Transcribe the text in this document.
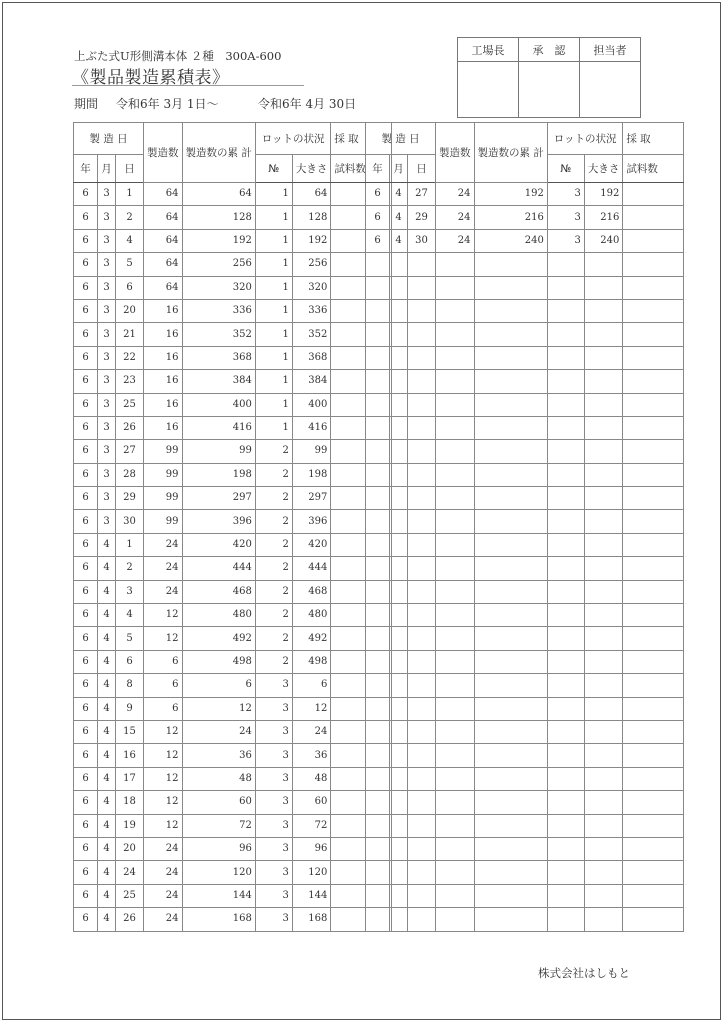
上ぶた式U形側溝本体 ２種　300A-600
《製品製造累積表》
期間 令和6年 3月 1日～	令和6年 4月 30日
工場長	承　認	担当者

製 造 日			製造数	製造数の累 計	ロットの状況		採 取
年	月	日			№	大きさ	試料数
6	3	1	64	64	1	64	
6	3	2	64	128	1	128	
6	3	4	64	192	1	192	
6	3	5	64	256	1	256	
6	3	6	64	320	1	320	
6	3	20	16	336	1	336	
6	3	21	16	352	1	352	
6	3	22	16	368	1	368	
6	3	23	16	384	1	384	
6	3	25	16	400	1	400	
6	3	26	16	416	1	416	
6	3	27	99	99	2	99	
6	3	28	99	198	2	198	
6	3	29	99	297	2	297	
6	3	30	99	396	2	396	
6	4	1	24	420	2	420	
6	4	2	24	444	2	444	
6	4	3	24	468	2	468	
6	4	4	12	480	2	480	
6	4	5	12	492	2	492	
6	4	6	6	498	2	498	
6	4	8	6	6	3	6	
6	4	9	6	12	3	12	
6	4	15	12	24	3	24	
6	4	16	12	36	3	36	
6	4	17	12	48	3	48	
6	4	18	12	60	3	60	
6	4	19	12	72	3	72	
6	4	20	24	96	3	96	
6	4	24	24	120	3	120	
6	4	25	24	144	3	144	
6	4	26	24	168	3	168	
製 造 日			製造数	製造数の累 計	ロットの状況		採 取
年	月	日			№	大きさ	試料数
6	4	27	24	192	3	192	
6	4	29	24	216	3	216	
6	4	30	24	240	3	240	

株式会社はしもと
